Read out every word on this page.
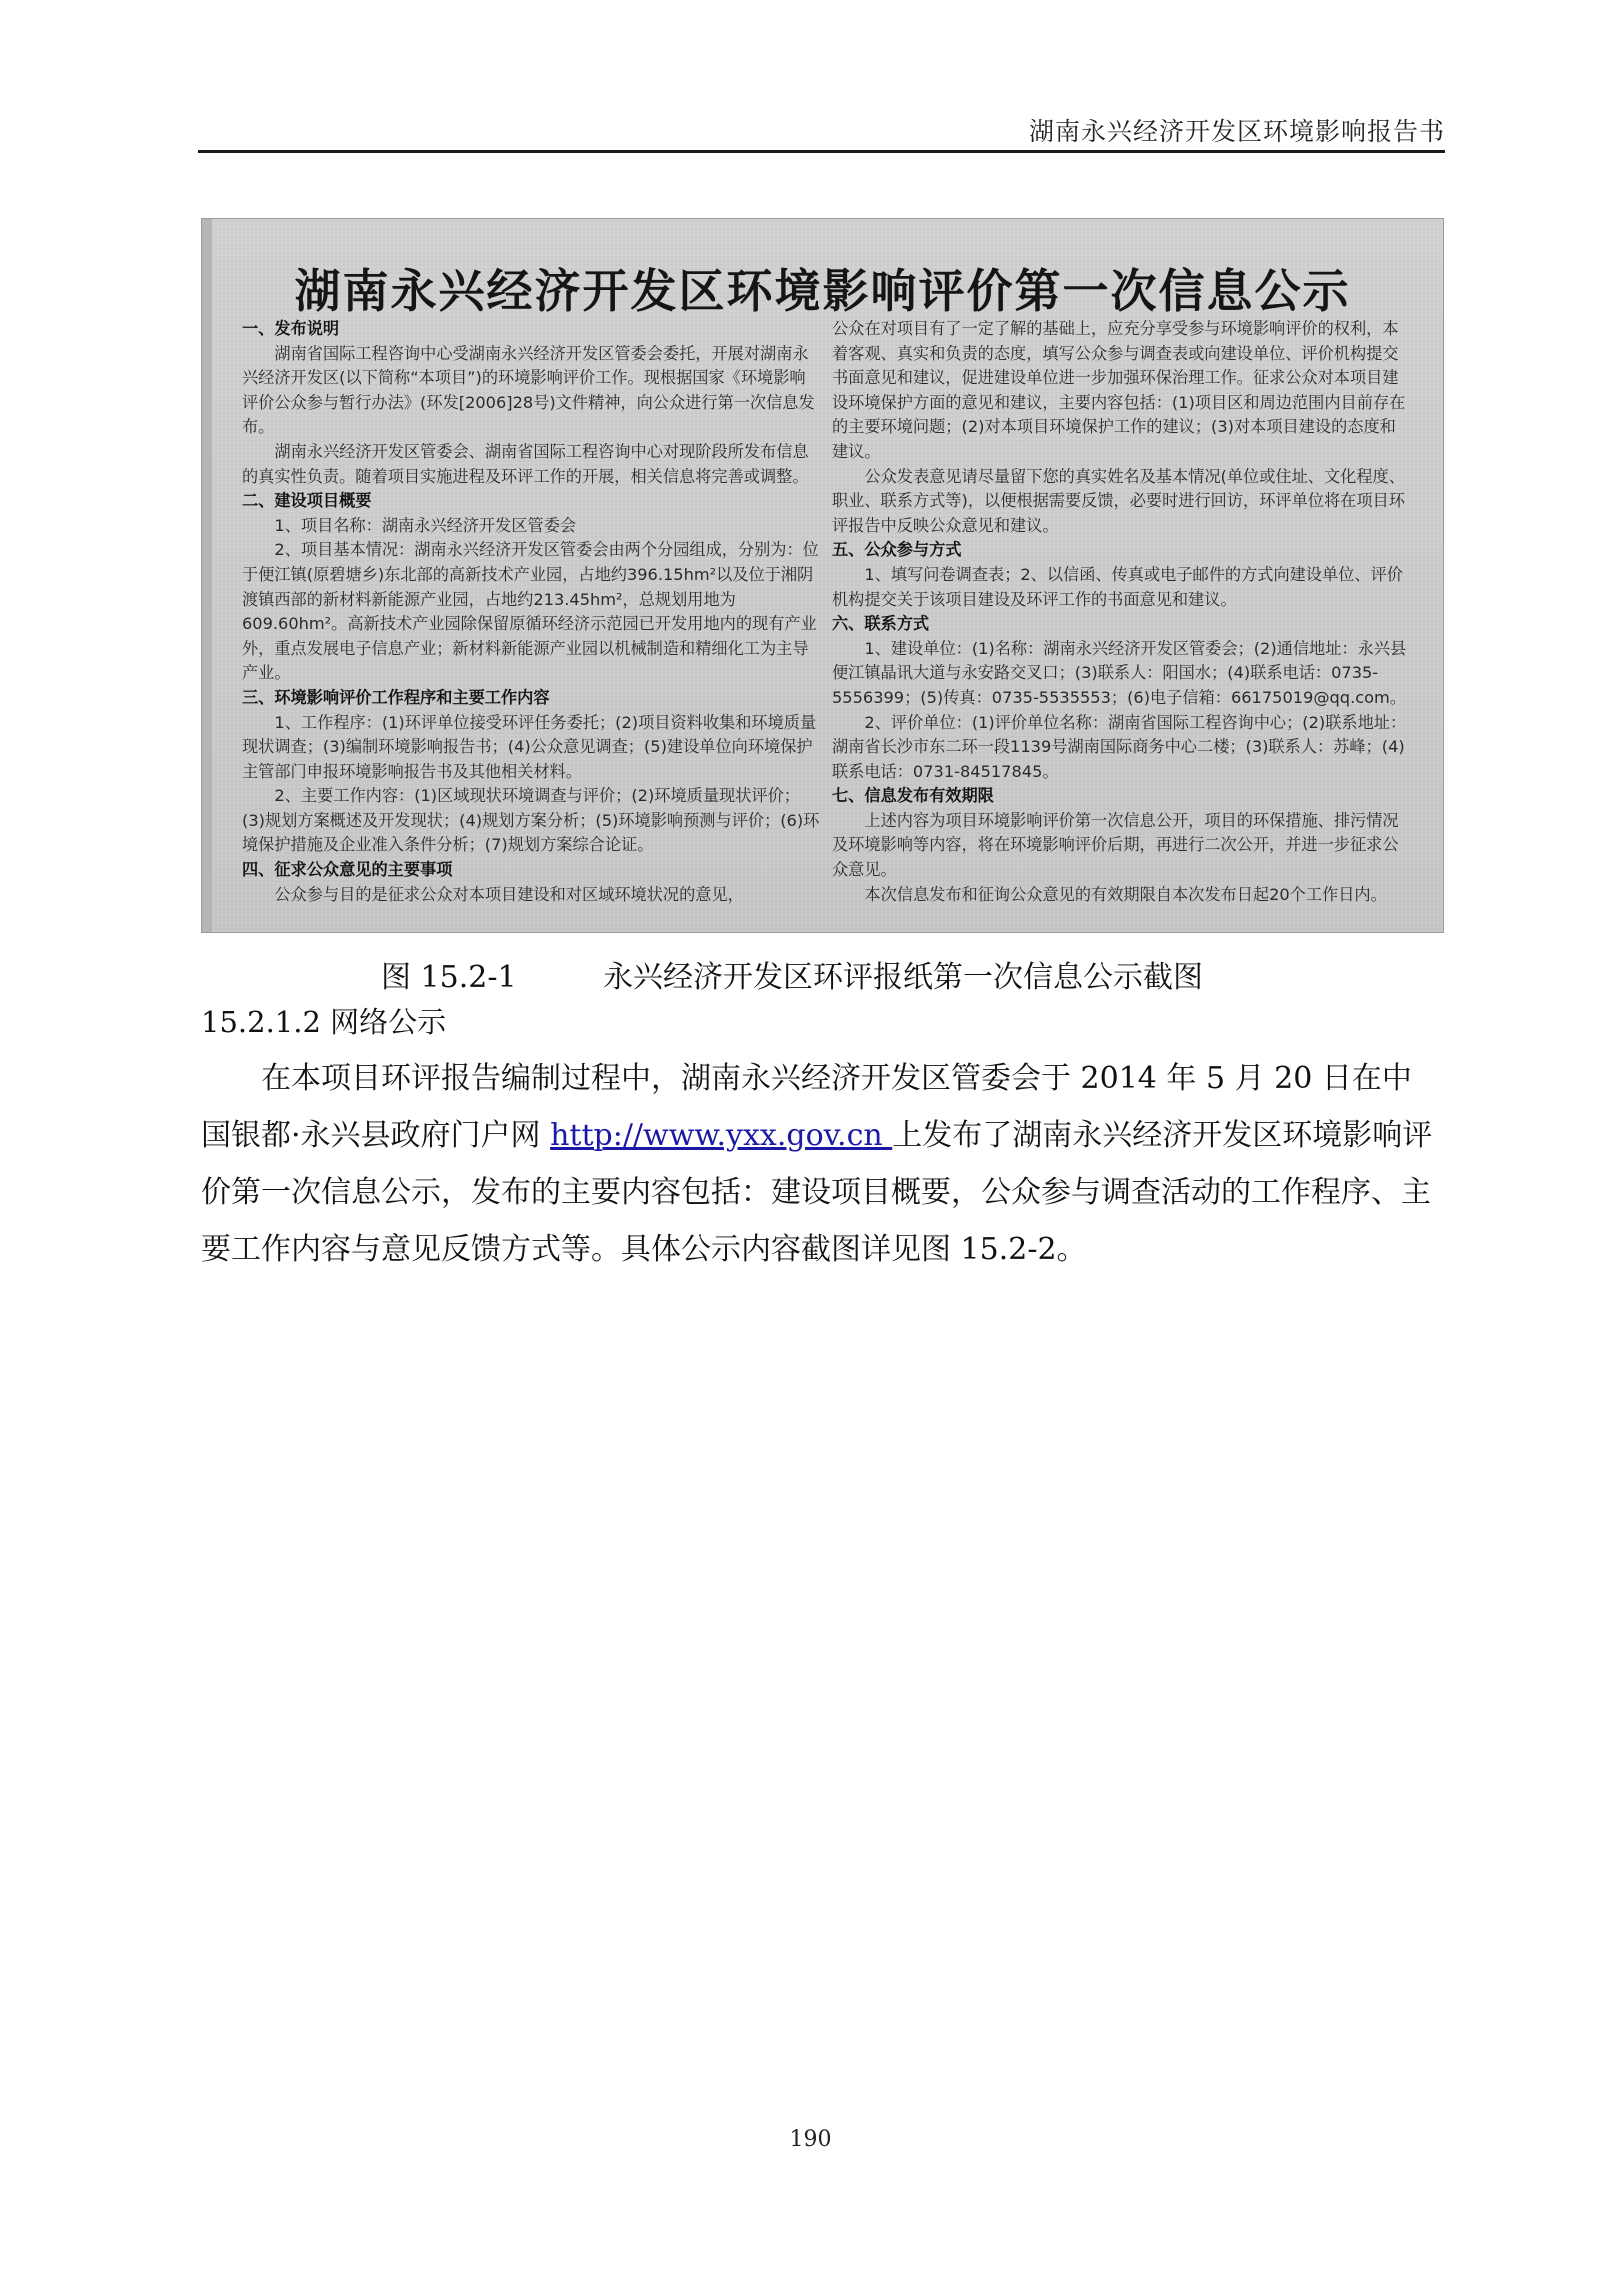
湖南永兴经济开发区环境影响报告书
湖南永兴经济开发区环境影响评价第一次信息公示
一、发布说明
湖南省国际工程咨询中心受湖南永兴经济开发区管委会委托，开展对湖南永兴经济开发区(以下简称“本项目”)的环境影响评价工作。现根据国家《环境影响评价公众参与暂行办法》(环发[2006]28号)文件精神，向公众进行第一次信息发布。
湖南永兴经济开发区管委会、湖南省国际工程咨询中心对现阶段所发布信息的真实性负责。随着项目实施进程及环评工作的开展，相关信息将完善或调整。
二、建设项目概要
1、项目名称：湖南永兴经济开发区管委会
2、项目基本情况：湖南永兴经济开发区管委会由两个分园组成，分别为：位于便江镇(原碧塘乡)东北部的高新技术产业园，占地约396.15hm²以及位于湘阴渡镇西部的新材料新能源产业园，占地约213.45hm²，总规划用地为609.60hm²。高新技术产业园除保留原循环经济示范园已开发用地内的现有产业外，重点发展电子信息产业；新材料新能源产业园以机械制造和精细化工为主导产业。
三、环境影响评价工作程序和主要工作内容
1、工作程序：(1)环评单位接受环评任务委托；(2)项目资料收集和环境质量现状调查；(3)编制环境影响报告书；(4)公众意见调查；(5)建设单位向环境保护主管部门申报环境影响报告书及其他相关材料。
2、主要工作内容：(1)区域现状环境调查与评价；(2)环境质量现状评价；(3)规划方案概述及开发现状；(4)规划方案分析；(5)环境影响预测与评价；(6)环境保护措施及企业准入条件分析；(7)规划方案综合论证。
四、征求公众意见的主要事项
公众参与目的是征求公众对本项目建设和对区域环境状况的意见，
公众在对项目有了一定了解的基础上，应充分享受参与环境影响评价的权利，本着客观、真实和负责的态度，填写公众参与调查表或向建设单位、评价机构提交书面意见和建议，促进建设单位进一步加强环保治理工作。征求公众对本项目建设环境保护方面的意见和建议，主要内容包括：(1)项目区和周边范围内目前存在的主要环境问题；(2)对本项目环境保护工作的建议；(3)对本项目建设的态度和建议。
公众发表意见请尽量留下您的真实姓名及基本情况(单位或住址、文化程度、职业、联系方式等)，以便根据需要反馈，必要时进行回访，环评单位将在项目环评报告中反映公众意见和建议。
五、公众参与方式
1、填写问卷调查表；2、以信函、传真或电子邮件的方式向建设单位、评价机构提交关于该项目建设及环评工作的书面意见和建议。
六、联系方式
1、建设单位：(1)名称：湖南永兴经济开发区管委会；(2)通信地址：永兴县便江镇晶讯大道与永安路交叉口；(3)联系人：阳国水；(4)联系电话：0735-5556399；(5)传真：0735-5535553；(6)电子信箱：66175019@qq.com。
2、评价单位：(1)评价单位名称：湖南省国际工程咨询中心；(2)联系地址：湖南省长沙市东二环一段1139号湖南国际商务中心二楼；(3)联系人：苏峰；(4)联系电话：0731-84517845。
七、信息发布有效期限
上述内容为项目环境影响评价第一次信息公开，项目的环保措施、排污情况及环境影响等内容，将在环境影响评价后期，再进行二次公开，并进一步征求公众意见。
本次信息发布和征询公众意见的有效期限自本次发布日起20个工作日内。
图 15.2-1	永兴经济开发区环评报纸第一次信息公示截图
15.2.1.2 网络公示
在本项目环评报告编制过程中，湖南永兴经济开发区管委会于 2014 年 5 月 20 日在中国银都·永兴县政府门户网 http://www.yxx.gov.cn 上发布了湖南永兴经济开发区环境影响评价第一次信息公示，发布的主要内容包括：建设项目概要，公众参与调查活动的工作程序、主要工作内容与意见反馈方式等。具体公示内容截图详见图 15.2-2。
190
